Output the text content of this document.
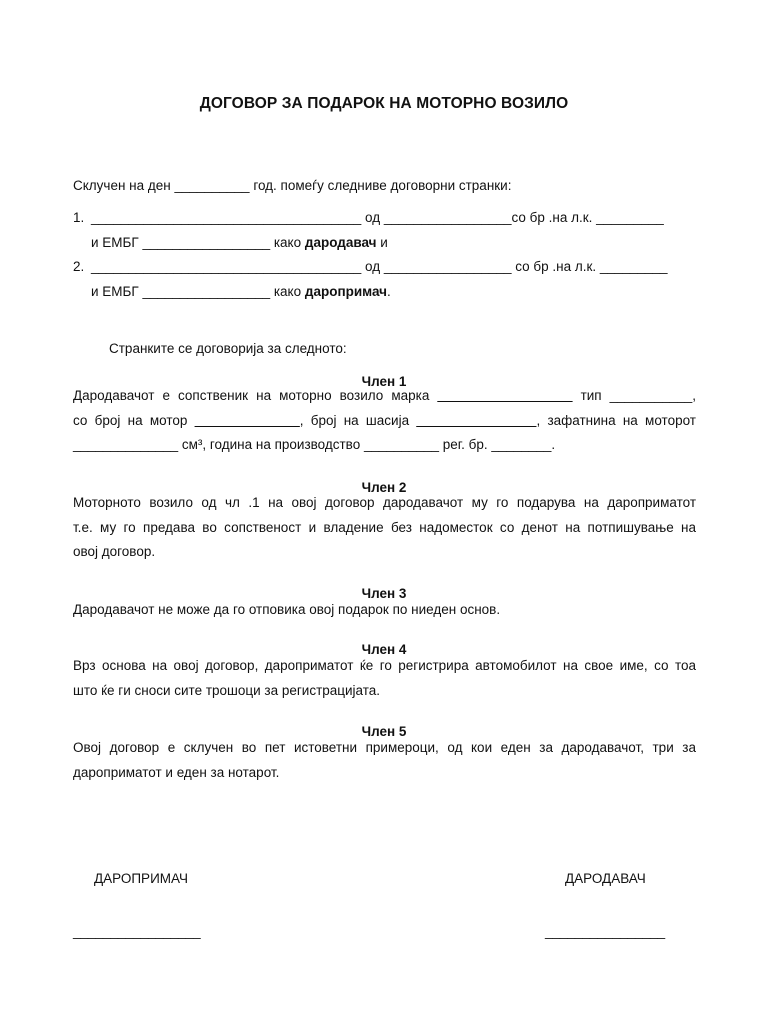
ДОГОВОР ЗА ПОДАРОК НА МОТОРНО ВОЗИЛО
Склучен на ден __________ год. помеѓу следниве договорни странки:
1. ____________________________________ од _________________со бр .на л.к. _________
и ЕМБГ _________________ како дародавач и
2. ____________________________________ од _________________ со бр .на л.к. _________
и ЕМБГ _________________ како даропримач.
Странките се договорија за следното:
Член 1
Дародавачот е сопственик на моторно возило марка __________________ тип ___________,
со број на мотор ______________, број на шасија ________________, зафатнина на моторот
______________ см³, година на производство __________ рег. бр. ________.
Член 2
Моторното возило од чл .1 на овој договор дародавачот му го подарува на дароприматот
т.е. му го предава во сопственост и владение без надоместок со денот на потпишување на
овој договор.
Член 3
Дародавачот не може да го отповика овој подарок по ниеден основ.
Член 4
Врз основа на овој договор, дароприматот ќе го регистрира автомобилот на свое име, со тоа
што ќе ги сноси сите трошоци за регистрацијата.
Член 5
Овој договор е склучен во пет истоветни примероци, од кои еден за дародавачот, три за
дароприматот и еден за нотарот.
ДАРОПРИМАЧ	ДАРОДАВАЧ
_________________	________________
